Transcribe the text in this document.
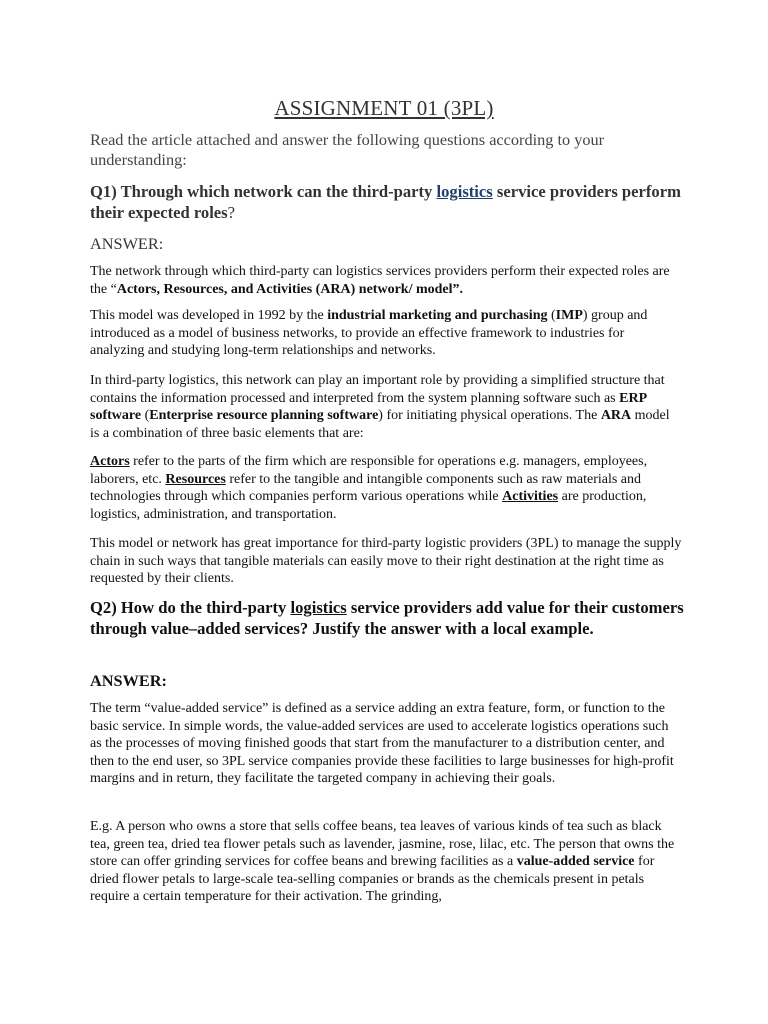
ASSIGNMENT 01 (3PL)
Read the article attached and answer the following questions according to your understanding:
Q1) Through which network can the third-party logistics service providers perform their expected roles?
ANSWER:
The network through which third-party can logistics services providers perform their expected roles are the “Actors, Resources, and Activities (ARA) network/ model”.
This model was developed in 1992 by the industrial marketing and purchasing (IMP) group and introduced as a model of business networks, to provide an effective framework to industries for analyzing and studying long-term relationships and networks.
In third-party logistics, this network can play an important role by providing a simplified structure that contains the information processed and interpreted from the system planning software such as ERP software (Enterprise resource planning software) for initiating physical operations. The ARA model is a combination of three basic elements that are:
Actors refer to the parts of the firm which are responsible for operations e.g. managers, employees, laborers, etc. Resources refer to the tangible and intangible components such as raw materials and technologies through which companies perform various operations while Activities are production, logistics, administration, and transportation.
This model or network has great importance for third-party logistic providers (3PL) to manage the supply chain in such ways that tangible materials can easily move to their right destination at the right time as requested by their clients.
Q2) How do the third-party logistics service providers add value for their customers through value–added services? Justify the answer with a local example.
ANSWER:
The term “value-added service” is defined as a service adding an extra feature, form, or function to the basic service. In simple words, the value-added services are used to accelerate logistics operations such as the processes of moving finished goods that start from the manufacturer to a distribution center, and then to the end user, so 3PL service companies provide these facilities to large businesses for high-profit margins and in return, they facilitate the targeted company in achieving their goals.
E.g. A person who owns a store that sells coffee beans, tea leaves of various kinds of tea such as black tea, green tea, dried tea flower petals such as lavender, jasmine, rose, lilac, etc. The person that owns the store can offer grinding services for coffee beans and brewing facilities as a value-added service for dried flower petals to large-scale tea-selling companies or brands as the chemicals present in petals require a certain temperature for their activation. The grinding,
